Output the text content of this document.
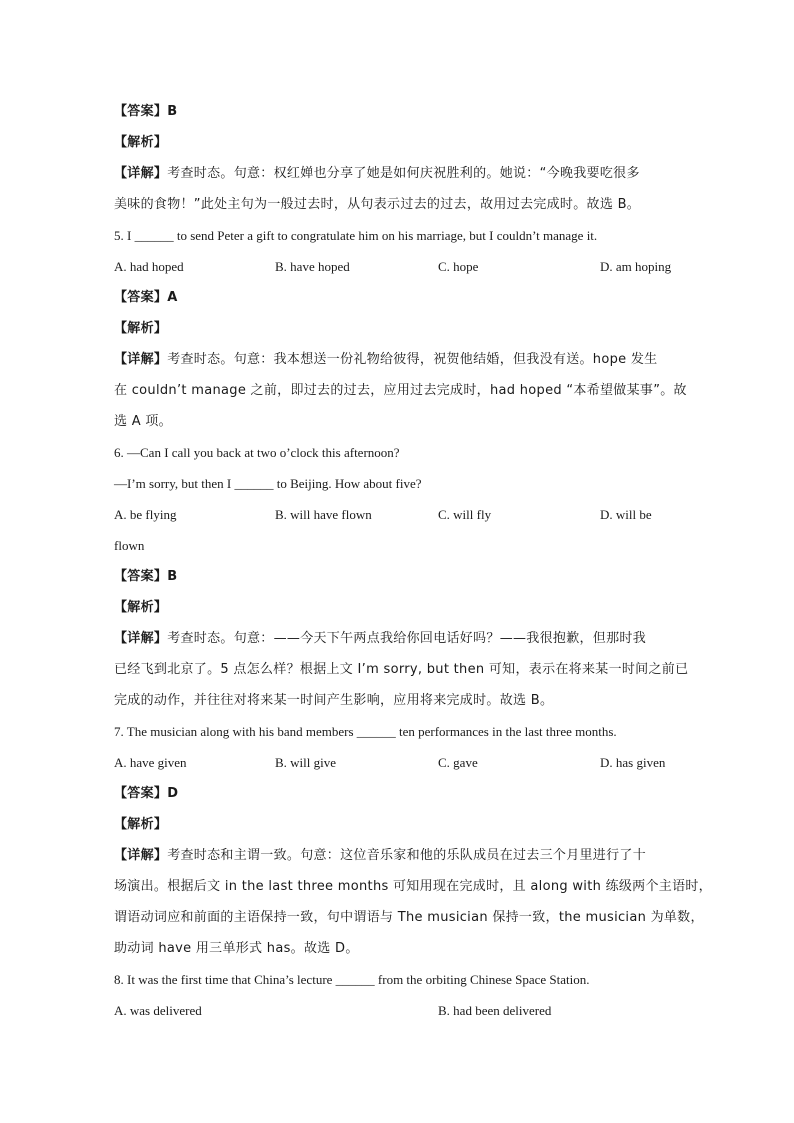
【答案】B
【解析】
【详解】考查时态。句意：权红婵也分享了她是如何庆祝胜利的。她说：“今晚我要吃很多
美味的食物！”此处主句为一般过去时，从句表示过去的过去，故用过去完成时。故选 B。
5. I ______ to send Peter a gift to congratulate him on his marriage, but I couldn’t manage it.
A. had hoped	B. have hoped	C. hope	D. am hoping
【答案】A
【解析】
【详解】考查时态。句意：我本想送一份礼物给彼得，祝贺他结婚，但我没有送。hope 发生
在 couldn’t manage 之前，即过去的过去，应用过去完成时，had hoped “本希望做某事”。故
选 A 项。
6. —Can I call you back at two o’clock this afternoon?
—I’m sorry, but then I ______ to Beijing. How about five?
A. be flying	B. will have flown	C. will fly	D. will be
flown
【答案】B
【解析】
【详解】考查时态。句意：——今天下午两点我给你回电话好吗？——我很抱歉，但那时我
已经飞到北京了。5 点怎么样？根据上文 I’m sorry, but then 可知，表示在将来某一时间之前已
完成的动作，并往往对将来某一时间产生影响，应用将来完成时。故选 B。
7. The musician along with his band members ______ ten performances in the last three months.
A. have given	B. will give	C. gave	D. has given
【答案】D
【解析】
【详解】考查时态和主谓一致。句意：这位音乐家和他的乐队成员在过去三个月里进行了十
场演出。根据后文 in the last three months 可知用现在完成时，且 along with 练级两个主语时，
谓语动词应和前面的主语保持一致，句中谓语与 The musician 保持一致，the musician 为单数，
助动词 have 用三单形式 has。故选 D。
8. It was the first time that China’s lecture ______ from the orbiting Chinese Space Station.
A. was delivered	B. had been delivered
